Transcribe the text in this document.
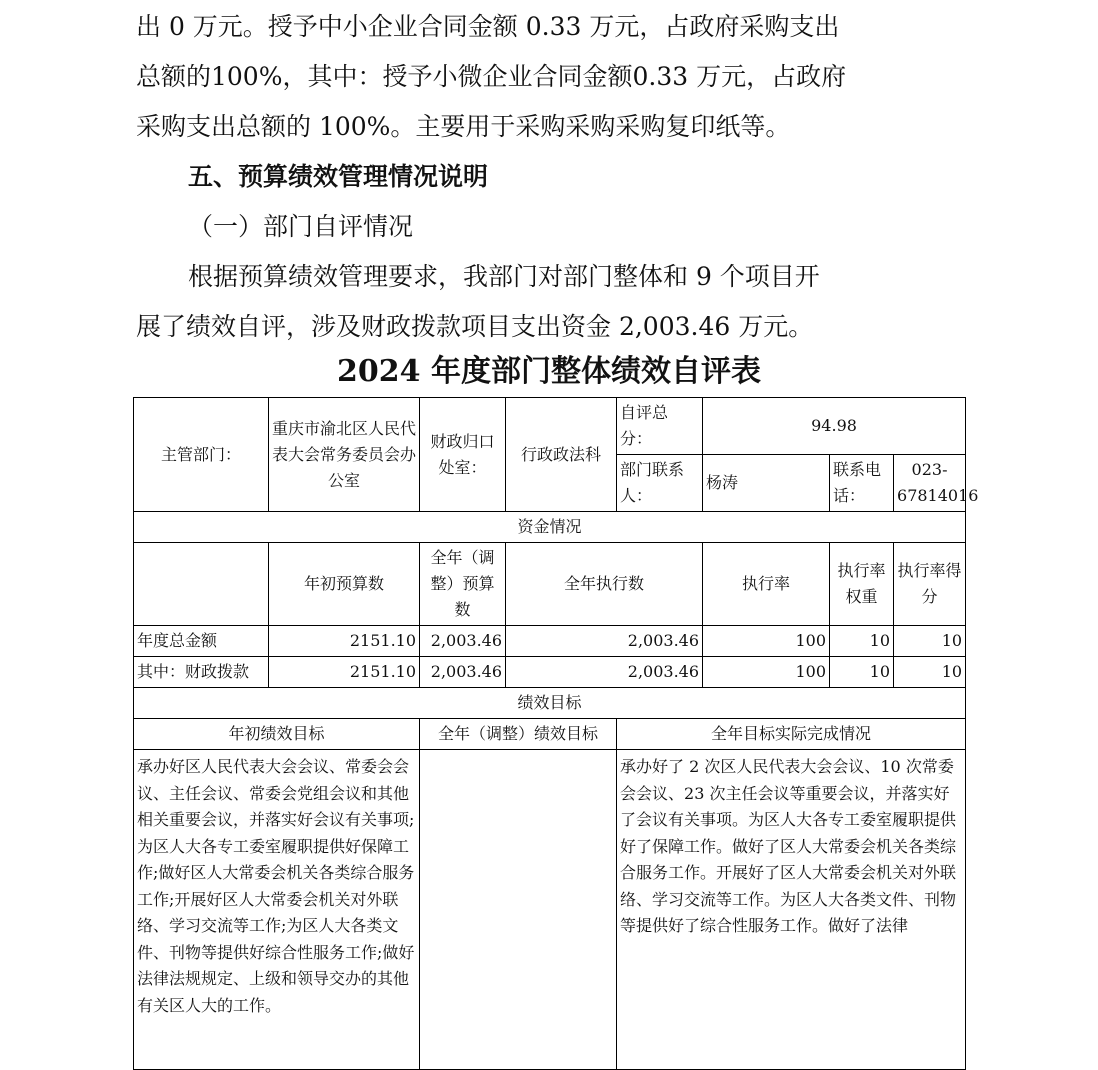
出 0 万元。授予中小企业合同金额 0.33 万元，占政府采购支出
总额的100%，其中：授予小微企业合同金额0.33 万元，占政府
采购支出总额的 100%。主要用于采购采购采购复印纸等。
五、预算绩效管理情况说明
（一）部门自评情况
根据预算绩效管理要求，我部门对部门整体和 9 个项目开
展了绩效自评，涉及财政拨款项目支出资金 2,003.46 万元。
2024 年度部门整体绩效自评表
主管部门：	重庆市渝北区人民代表大会常务委员会办公室	财政归口处室：	行政政法科	自评总分：	94.98		
				部门联系人：	杨涛	联系电话：	023-67814016
资金情况							
	年初预算数	全年（调整）预算数	全年执行数		执行率	执行率权重	执行率得分
年度总金额	2151.10	2,003.46	2,003.46		100	10	10
其中：财政拨款	2151.10	2,003.46	2,003.46		100	10	10
绩效目标							
年初绩效目标		全年（调整）绩效目标		全年目标实际完成情况			
承办好区人民代表大会会议、常委会会议、主任会议、常委会党组会议和其他相关重要会议，并落实好会议有关事项;为区人大各专工委室履职提供好保障工作;做好区人大常委会机关各类综合服务工作;开展好区人大常委会机关对外联络、学习交流等工作;为区人大各类文件、刊物等提供好综合性服务工作;做好法律法规规定、上级和领导交办的其他有关区人大的工作。				承办好了 2 次区人民代表大会会议、10 次常委会会议、23 次主任会议等重要会议，并落实好了会议有关事项。为区人大各专工委室履职提供好了保障工作。做好了区人大常委会机关各类综合服务工作。开展好了区人大常委会机关对外联络、学习交流等工作。为区人大各类文件、刊物等提供好了综合性服务工作。做好了法律			
